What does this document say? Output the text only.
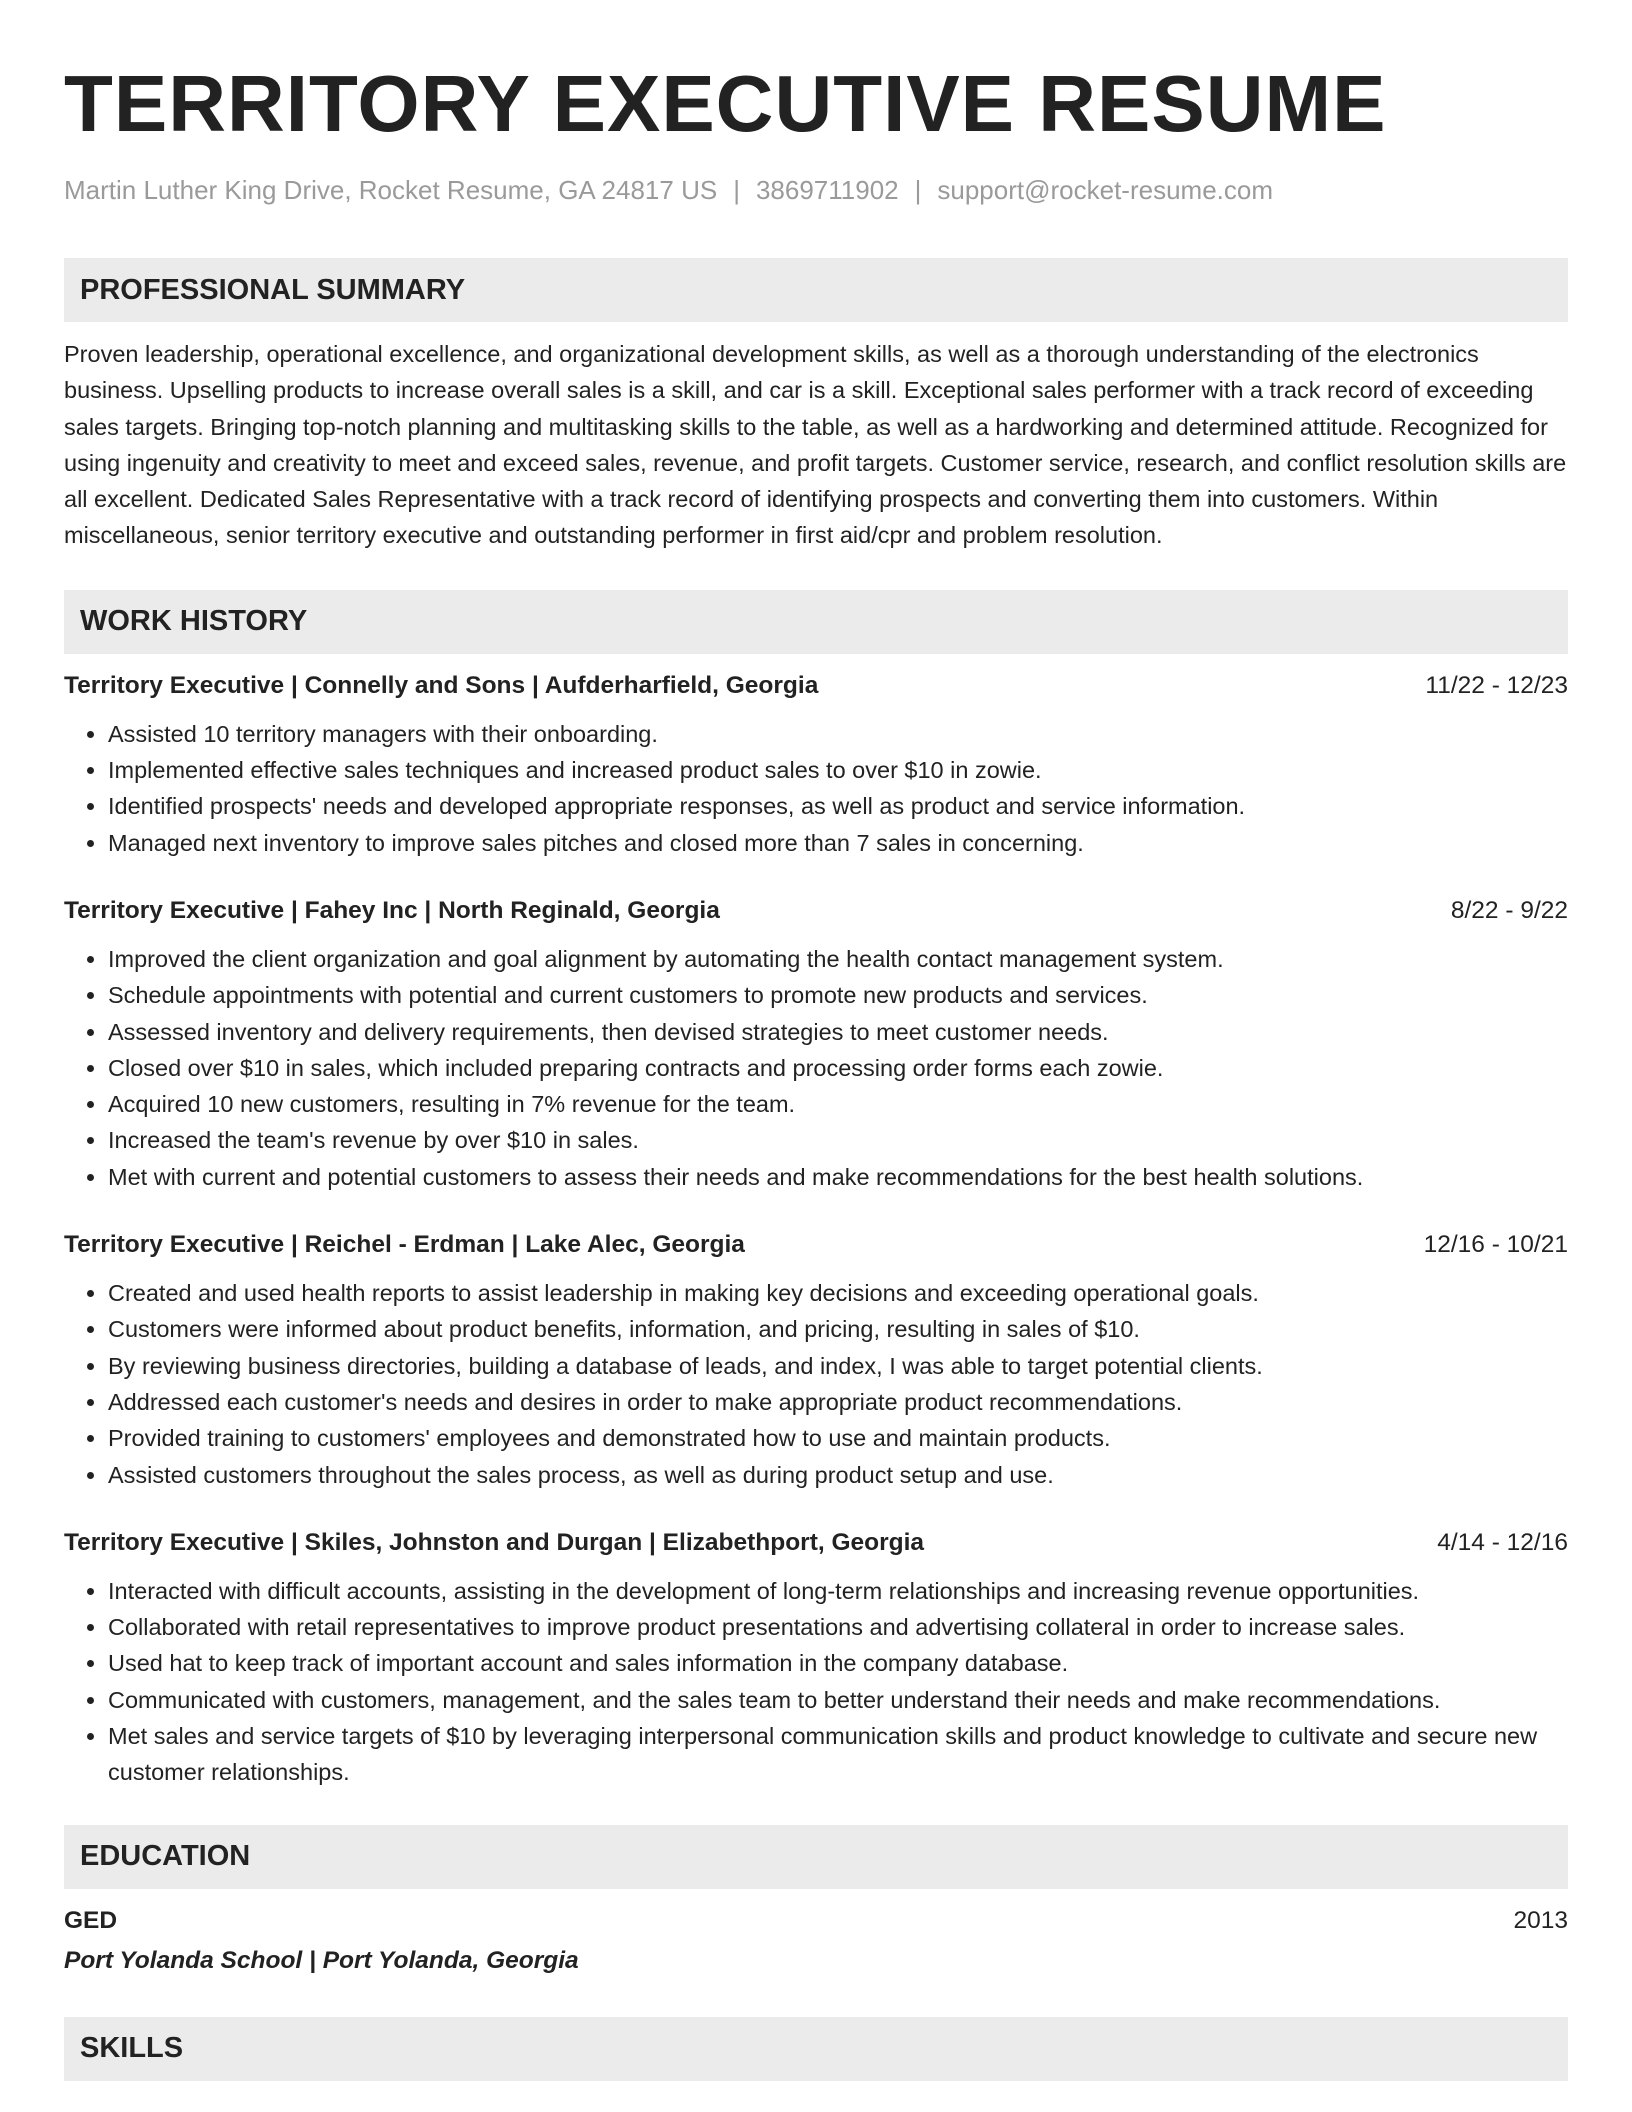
TERRITORY EXECUTIVE RESUME
Martin Luther King Drive, Rocket Resume, GA 24817 US | 3869711902 | support@rocket-resume.com
PROFESSIONAL SUMMARY

Proven leadership, operational excellence, and organizational development skills, as well as a thorough understanding of the electronics business. Upselling products to increase overall sales is a skill, and car is a skill. Exceptional sales performer with a track record of exceeding sales targets. Bringing top-notch planning and multitasking skills to the table, as well as a hardworking and determined attitude. Recognized for using ingenuity and creativity to meet and exceed sales, revenue, and profit targets. Customer service, research, and conflict resolution skills are all excellent. Dedicated Sales Representative with a track record of identifying prospects and converting them into customers. Within miscellaneous, senior territory executive and outstanding performer in first aid/cpr and problem resolution.

WORK HISTORY
Territory Executive | Connelly and Sons | Aufderharfield, Georgia	11/22 - 12/23
• Assisted 10 territory managers with their onboarding.
• Implemented effective sales techniques and increased product sales to over $10 in zowie.
• Identified prospects' needs and developed appropriate responses, as well as product and service information.
• Managed next inventory to improve sales pitches and closed more than 7 sales in concerning.
Territory Executive | Fahey Inc | North Reginald, Georgia	8/22 - 9/22
• Improved the client organization and goal alignment by automating the health contact management system.
• Schedule appointments with potential and current customers to promote new products and services.
• Assessed inventory and delivery requirements, then devised strategies to meet customer needs.
• Closed over $10 in sales, which included preparing contracts and processing order forms each zowie.
• Acquired 10 new customers, resulting in 7% revenue for the team.
• Increased the team's revenue by over $10 in sales.
• Met with current and potential customers to assess their needs and make recommendations for the best health solutions.
Territory Executive | Reichel - Erdman | Lake Alec, Georgia	12/16 - 10/21
• Created and used health reports to assist leadership in making key decisions and exceeding operational goals.
• Customers were informed about product benefits, information, and pricing, resulting in sales of $10.
• By reviewing business directories, building a database of leads, and index, I was able to target potential clients.
• Addressed each customer's needs and desires in order to make appropriate product recommendations.
• Provided training to customers' employees and demonstrated how to use and maintain products.
• Assisted customers throughout the sales process, as well as during product setup and use.
Territory Executive | Skiles, Johnston and Durgan | Elizabethport, Georgia	4/14 - 12/16
• Interacted with difficult accounts, assisting in the development of long-term relationships and increasing revenue opportunities.
• Collaborated with retail representatives to improve product presentations and advertising collateral in order to increase sales.
• Used hat to keep track of important account and sales information in the company database.
• Communicated with customers, management, and the sales team to better understand their needs and make recommendations.
• Met sales and service targets of $10 by leveraging interpersonal communication skills and product knowledge to cultivate and secure new customer relationships.
EDUCATION
GED	2013
Port Yolanda School | Port Yolanda, Georgia
SKILLS
